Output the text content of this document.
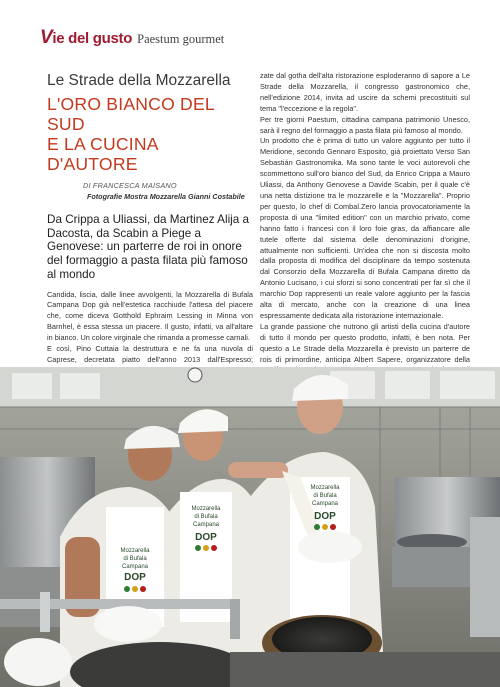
Vie del gusto Paestum gourmet
Le Strade della Mozzarella
L'ORO BIANCO DEL SUD
E LA CUCINA D'AUTORE
DI FRANCESCA MAISANO
Fotografie Mostra Mozzarella Gianni Costabile
Da Crippa a Uliassi, da Martinez Alija a Dacosta, da Scabin a Piege a Genovese: un parterre de roi in onore del formaggio a pasta filata più famoso al mondo

Candida, liscia, dalle linee avvolgenti, la Mozzarella di Bufala Campana Dop già nell'estetica racchiude l'attesa del piacere che, come diceva Gotthold Ephraim Lessing in Minna von Barnhel, è essa stessa un piacere. Il gusto, infatti, va all'altare in bianco. Un colore virginale che rimanda a promesse carnali.

E così, Pino Cuttaia la destruttura e ne fa una nuvola di Caprese, decretata piatto dell'anno 2013 dall'Espresso;

zate dal gotha dell'alta ristorazione esploderanno di sapore a Le Strade della Mozzarella, il congresso gastronomico che, nell'edizione 2014, invita ad uscire da schemi precostituiti sul tema "l'eccezione e la regola".

Per tre giorni Paestum, cittadina campana patrimonio Unesco, sarà il regno del formaggio a pasta filata più famoso al mondo.

Un prodotto che è prima di tutto un valore aggiunto per tutto il Meridione, secondo Gennaro Esposito, già proiettato Verso San Sebastián Gastronomika. Ma sono tante le voci autorevoli che scommettono sull'oro bianco del Sud, da Enrico Crippa a Mauro Uliassi, da Anthony Genovese a Davide Scabin, per il quale c'è una netta distizione tra le mozzarelle e la "Mozzarella". Proprio per questo, lo chef di Combal.Zero lancia provocatoriamente la proposta di una "limited edition" con un marchio privato, come hanno fatto i francesi con il loro foie gras, da affiancare alle tutele offerte dal sistema delle denominazioni d'origine, attualmente non sufficienti. Un'idea che non si discosta molto dalla proposta di modifica del disciplinare da tempo sostenuta dal Consorzio della Mozzarella di Bufala Campana diretto da Antonio Lucisano, i cui sforzi si sono concentrati per far sì che il marchio Dop rappresenti un reale valore aggiunto per la fascia alta di mercato, anche con la creazione di una linea espressamente dedicata alla ristorazione internazionale.

La grande passione che nutrono gli artisti della cucina d'autore di tutto il mondo per questo prodotto, infatti, è ben nota. Per questo a Le Strade della Mozzarella è previsto un parterre de rois di primordine, anticipa Albert Sapere, organizzatore della

Mozzarella
di Bufala
Campana
DOP
Mozzarella
di Bufala
Campana
DOP
Mozzarella
di Bufala
Campana
DOP
